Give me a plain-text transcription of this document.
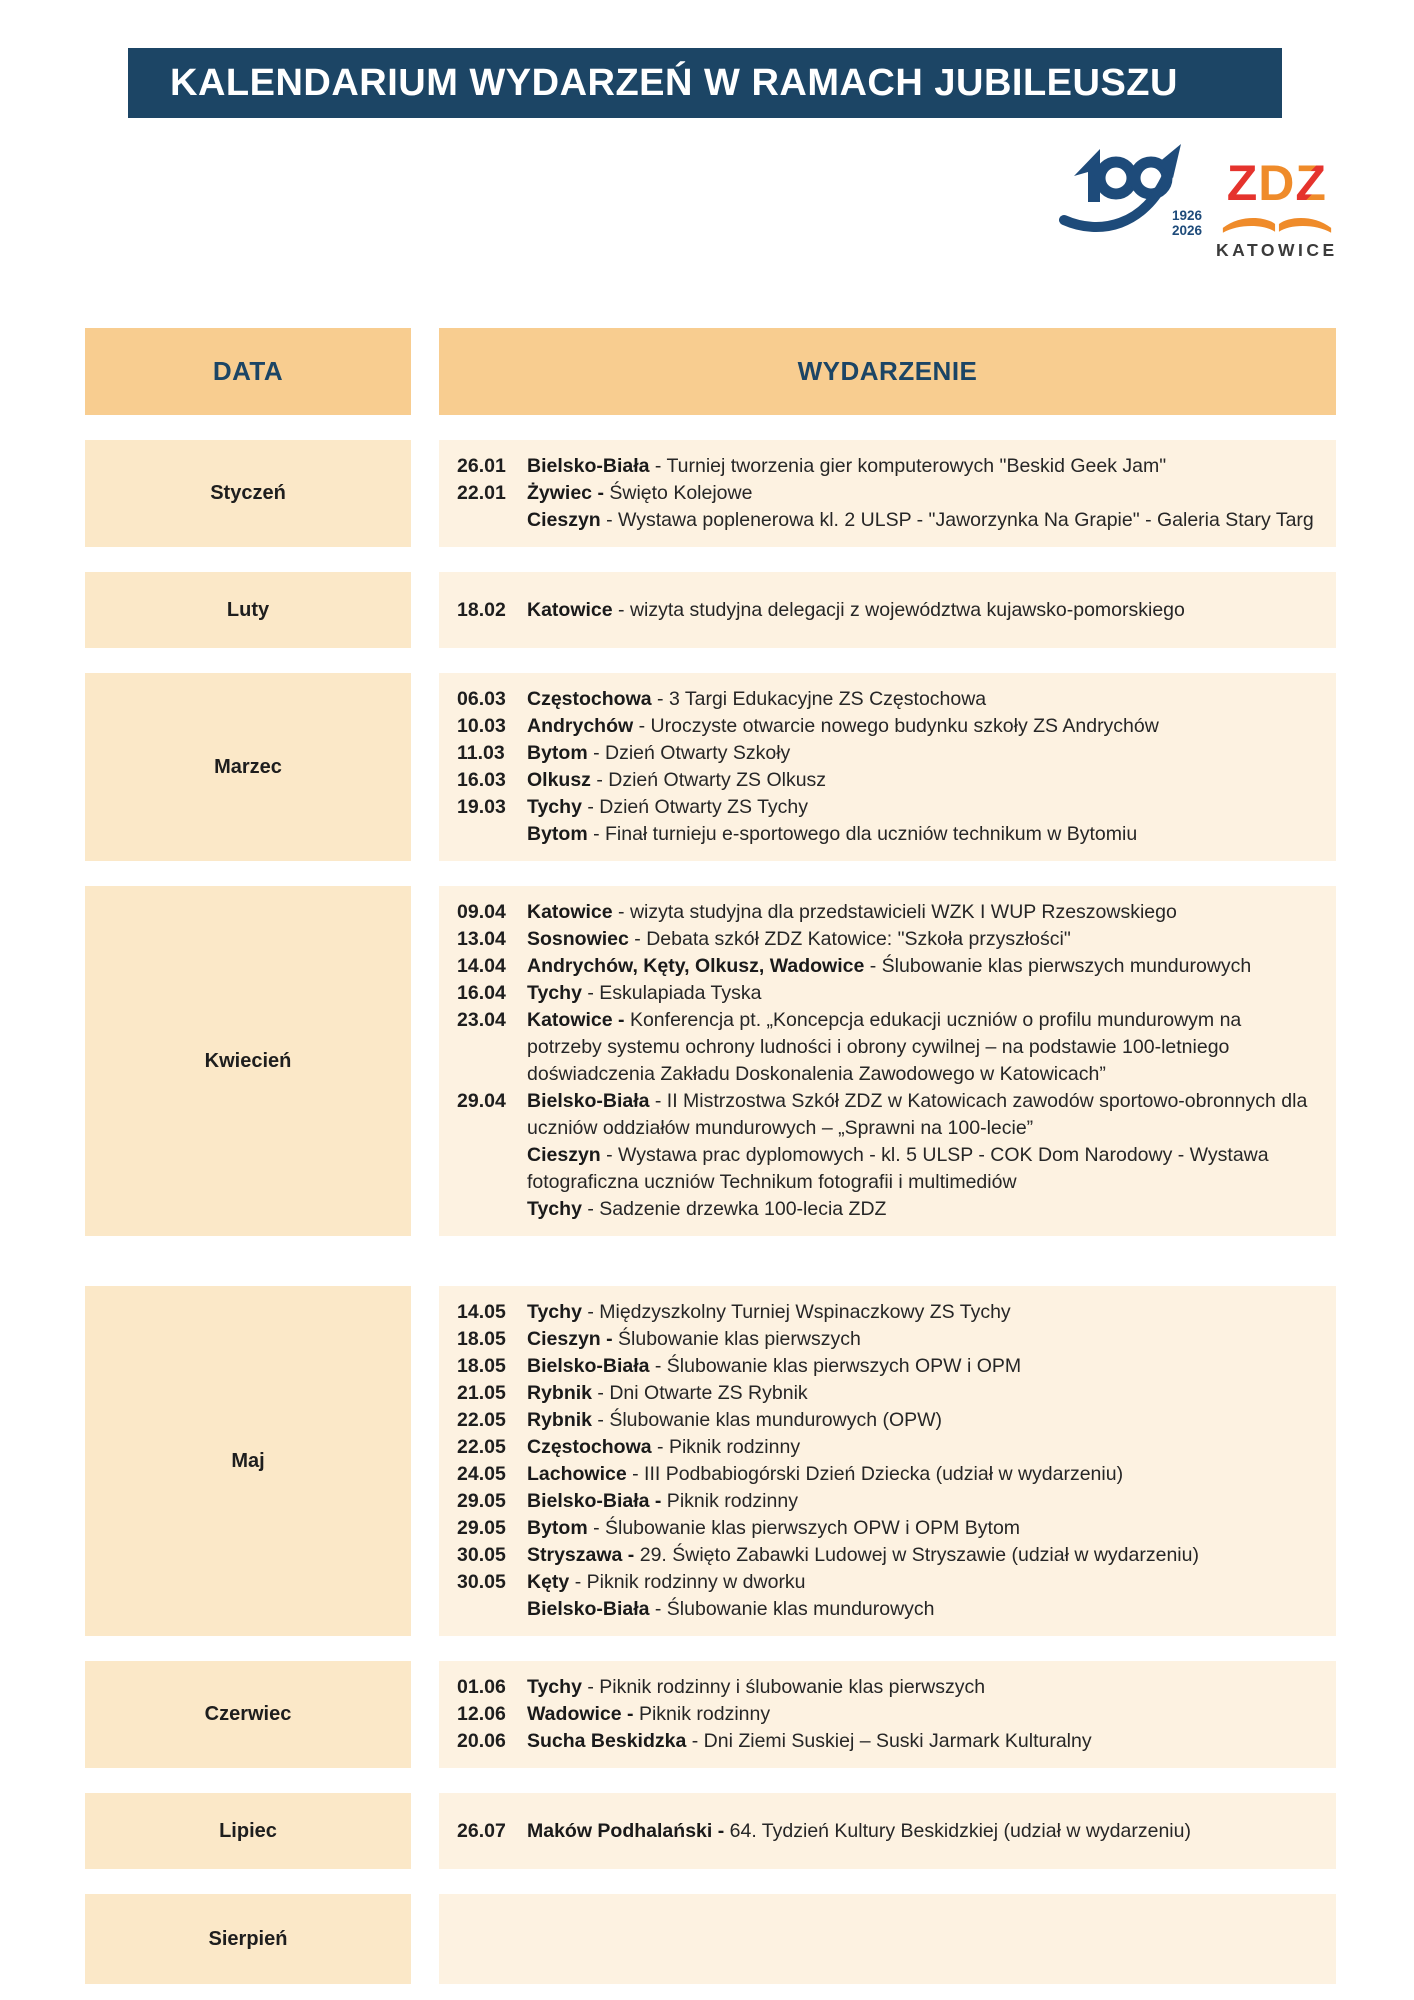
KALENDARIUM WYDARZEŃ W RAMACH JUBILEUSZU
1926
2026
ZDZ
KATOWICE
DATA	WYDARZENIE
Styczeń
26.01 Bielsko-Biała - Turniej tworzenia gier komputerowych "Beskid Geek Jam"
22.01 Żywiec - Święto Kolejowe
Cieszyn - Wystawa poplenerowa kl. 2 ULSP - "Jaworzynka Na Grapie" - Galeria Stary Targ
Luty	18.02 Katowice - wizyta studyjna delegacji z województwa kujawsko-pomorskiego
Marzec
06.03 Częstochowa - 3 Targi Edukacyjne ZS Częstochowa
10.03 Andrychów - Uroczyste otwarcie nowego budynku szkoły ZS Andrychów
11.03	Bytom - Dzień Otwarty Szkoły
16.03 Olkusz - Dzień Otwarty ZS Olkusz
19.03 Tychy - Dzień Otwarty ZS Tychy
Bytom - Finał turnieju e-sportowego dla uczniów technikum w Bytomiu
Kwiecień
09.04 Katowice - wizyta studyjna dla przedstawicieli WZK I WUP Rzeszowskiego
13.04 Sosnowiec - Debata szkół ZDZ Katowice: "Szkoła przyszłości"
14.04 Andrychów, Kęty, Olkusz, Wadowice - Ślubowanie klas pierwszych mundurowych
16.04 Tychy - Eskulapiada Tyska
23.04 Katowice - Konferencja pt. „Koncepcja edukacji uczniów o profilu mundurowym na potrzeby systemu ochrony ludności i obrony cywilnej – na podstawie 100-letniego doświadczenia Zakładu Doskonalenia Zawodowego w Katowicach”
29.04 Bielsko-Biała - II Mistrzostwa Szkół ZDZ w Katowicach zawodów sportowo-obronnych dla uczniów oddziałów mundurowych – „Sprawni na 100-lecie”
Cieszyn - Wystawa prac dyplomowych - kl. 5 ULSP - COK Dom Narodowy - Wystawa fotograficzna uczniów Technikum fotografii i multimediów
Tychy - Sadzenie drzewka 100-lecia ZDZ
Maj
14.05 Tychy - Międzyszkolny Turniej Wspinaczkowy ZS Tychy
18.05 Cieszyn - Ślubowanie klas pierwszych
18.05 Bielsko-Biała - Ślubowanie klas pierwszych OPW i OPM
21.05 Rybnik - Dni Otwarte ZS Rybnik
22.05 Rybnik - Ślubowanie klas mundurowych (OPW)
22.05 Częstochowa - Piknik rodzinny
24.05 Lachowice - III Podbabiogórski Dzień Dziecka (udział w wydarzeniu)
29.05 Bielsko-Biała - Piknik rodzinny
29.05 Bytom - Ślubowanie klas pierwszych OPW i OPM Bytom
30.05 Stryszawa - 29. Święto Zabawki Ludowej w Stryszawie (udział w wydarzeniu)
30.05 Kęty - Piknik rodzinny w dworku
Bielsko-Biała - Ślubowanie klas mundurowych
Czerwiec
01.06 Tychy - Piknik rodzinny i ślubowanie klas pierwszych
12.06 Wadowice - Piknik rodzinny
20.06 Sucha Beskidzka - Dni Ziemi Suskiej – Suski Jarmark Kulturalny
Lipiec	26.07 Maków Podhalański - 64. Tydzień Kultury Beskidzkiej (udział w wydarzeniu)
Sierpień
